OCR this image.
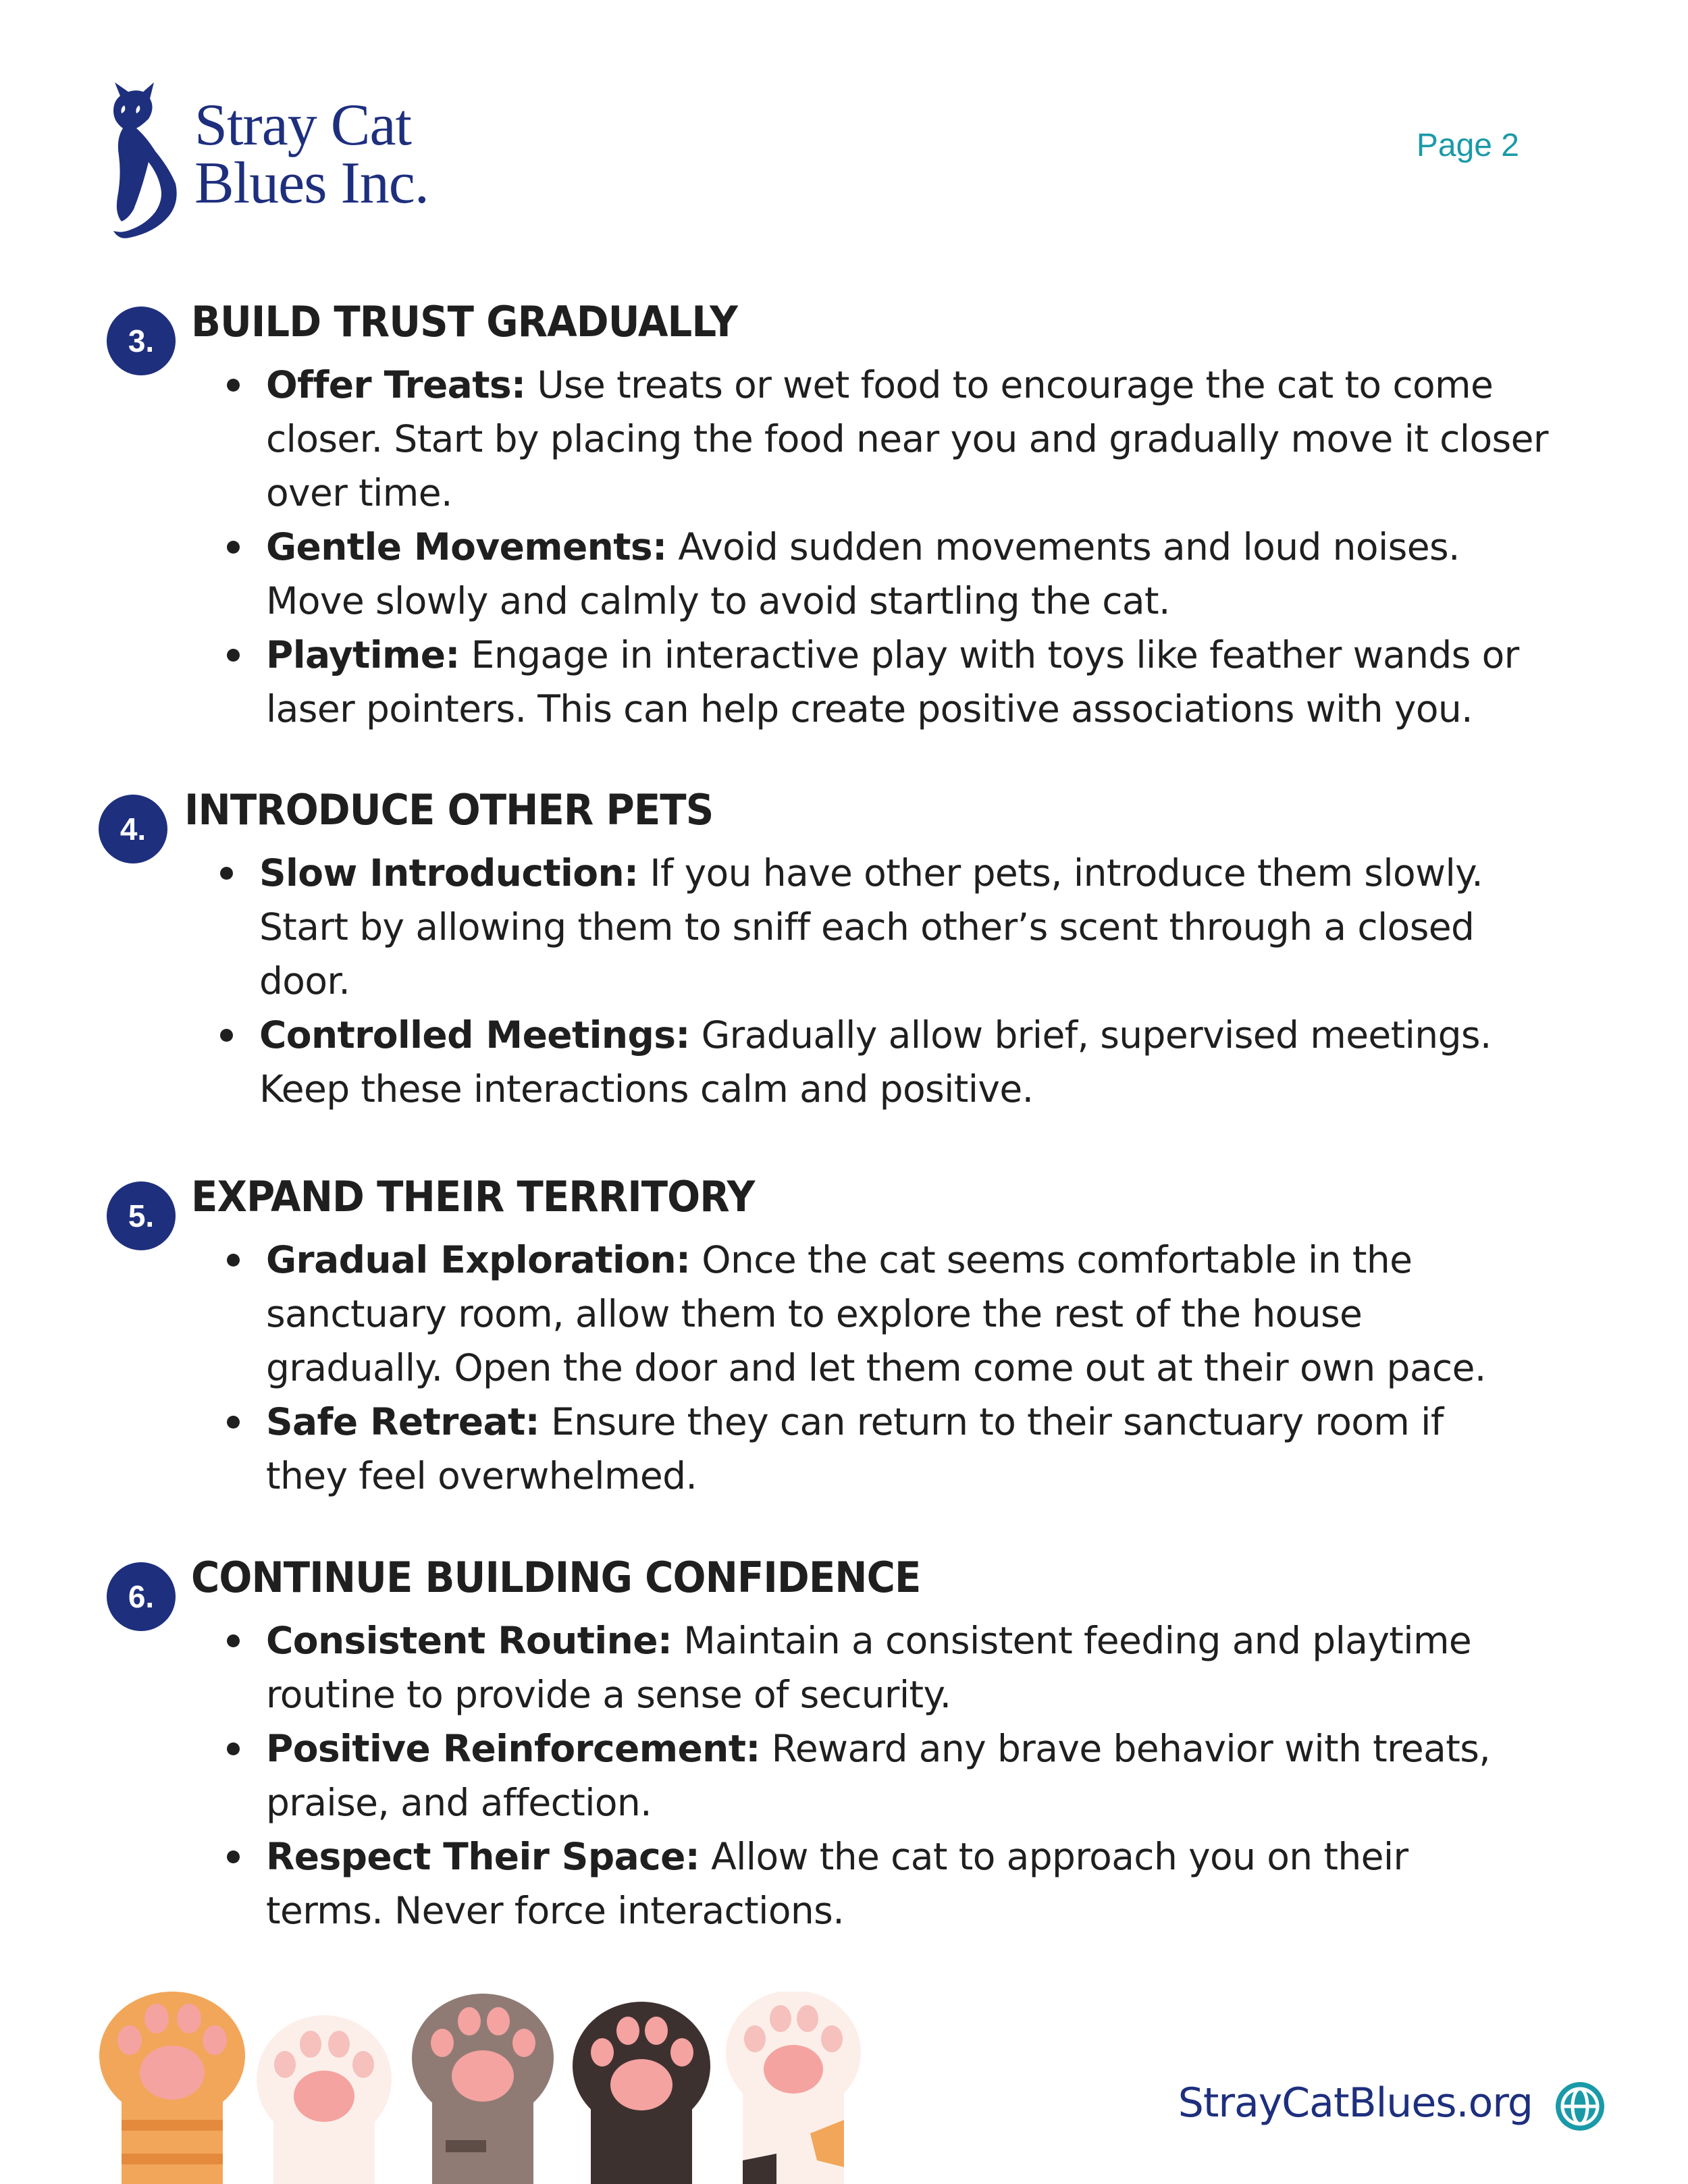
Stray Cat
Blues Inc.
Page 2
3. BUILD TRUST GRADUALLY
Offer Treats: Use treats or wet food to encourage the cat to come closer. Start by placing the food near you and gradually move it closer over time.
Gentle Movements: Avoid sudden movements and loud noises. Move slowly and calmly to avoid startling the cat.
Playtime: Engage in interactive play with toys like feather wands or laser pointers. This can help create positive associations with you.
4. INTRODUCE OTHER PETS
Slow Introduction: If you have other pets, introduce them slowly. Start by allowing them to sniff each other’s scent through a closed door.
Controlled Meetings: Gradually allow brief, supervised meetings. Keep these interactions calm and positive.
5. EXPAND THEIR TERRITORY
Gradual Exploration: Once the cat seems comfortable in the sanctuary room, allow them to explore the rest of the house gradually. Open the door and let them come out at their own pace.
Safe Retreat: Ensure they can return to their sanctuary room if they feel overwhelmed.
6. CONTINUE BUILDING CONFIDENCE
Consistent Routine: Maintain a consistent feeding and playtime routine to provide a sense of security.
Positive Reinforcement: Reward any brave behavior with treats, praise, and affection.
Respect Their Space: Allow the cat to approach you on their terms. Never force interactions.
StrayCatBlues.org
